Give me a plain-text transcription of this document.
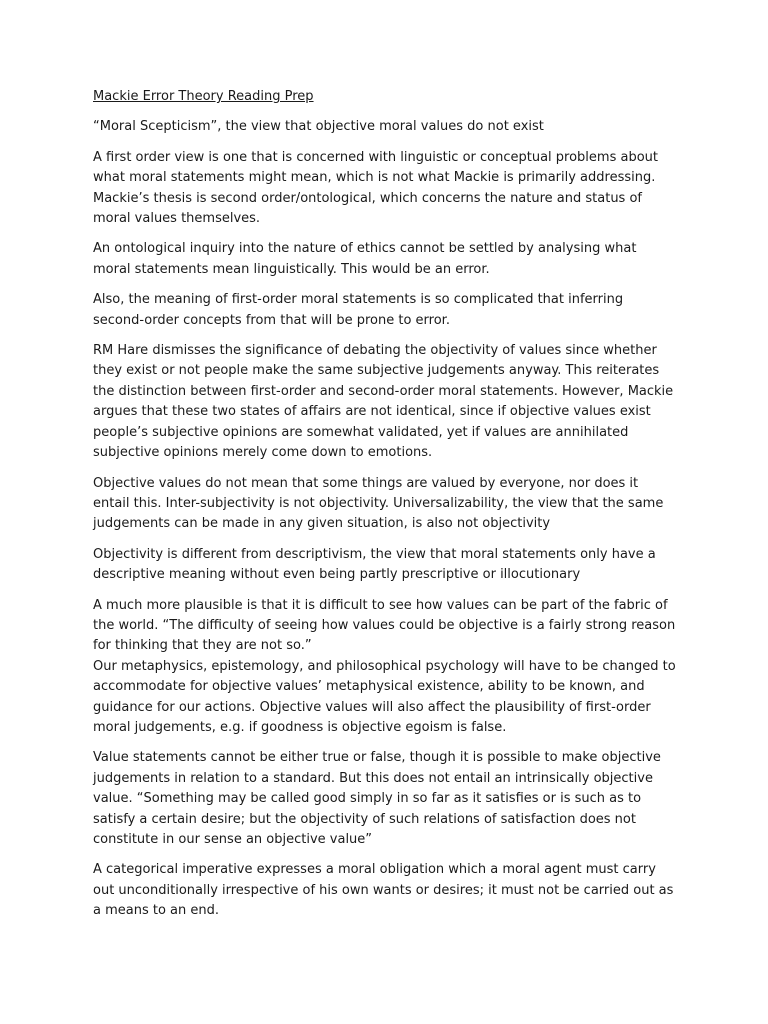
Mackie Error Theory Reading Prep

“Moral Scepticism”, the view that objective moral values do not exist

A first order view is one that is concerned with linguistic or conceptual problems about what moral statements might mean, which is not what Mackie is primarily addressing. Mackie’s thesis is second order/ontological, which concerns the nature and status of moral values themselves.

An ontological inquiry into the nature of ethics cannot be settled by analysing what moral statements mean linguistically. This would be an error.

Also, the meaning of first-order moral statements is so complicated that inferring second-order concepts from that will be prone to error.

RM Hare dismisses the significance of debating the objectivity of values since whether they exist or not people make the same subjective judgements anyway. This reiterates the distinction between first-order and second-order moral statements. However, Mackie argues that these two states of affairs are not identical, since if objective values exist people’s subjective opinions are somewhat validated, yet if values are annihilated subjective opinions merely come down to emotions.

Objective values do not mean that some things are valued by everyone, nor does it entail this. Inter-subjectivity is not objectivity. Universalizability, the view that the same judgements can be made in any given situation, is also not objectivity

Objectivity is different from descriptivism, the view that moral statements only have a descriptive meaning without even being partly prescriptive or illocutionary

A much more plausible is that it is difficult to see how values can be part of the fabric of the world. “The difficulty of seeing how values could be objective is a fairly strong reason for thinking that they are not so.”

Our metaphysics, epistemology, and philosophical psychology will have to be changed to accommodate for objective values’ metaphysical existence, ability to be known, and guidance for our actions. Objective values will also affect the plausibility of first-order moral judgements, e.g. if goodness is objective egoism is false.

Value statements cannot be either true or false, though it is possible to make objective judgements in relation to a standard. But this does not entail an intrinsically objective value. “Something may be called good simply in so far as it satisfies or is such as to satisfy a certain desire; but the objectivity of such relations of satisfaction does not constitute in our sense an objective value”

A categorical imperative expresses a moral obligation which a moral agent must carry out unconditionally irrespective of his own wants or desires; it must not be carried out as a means to an end.
